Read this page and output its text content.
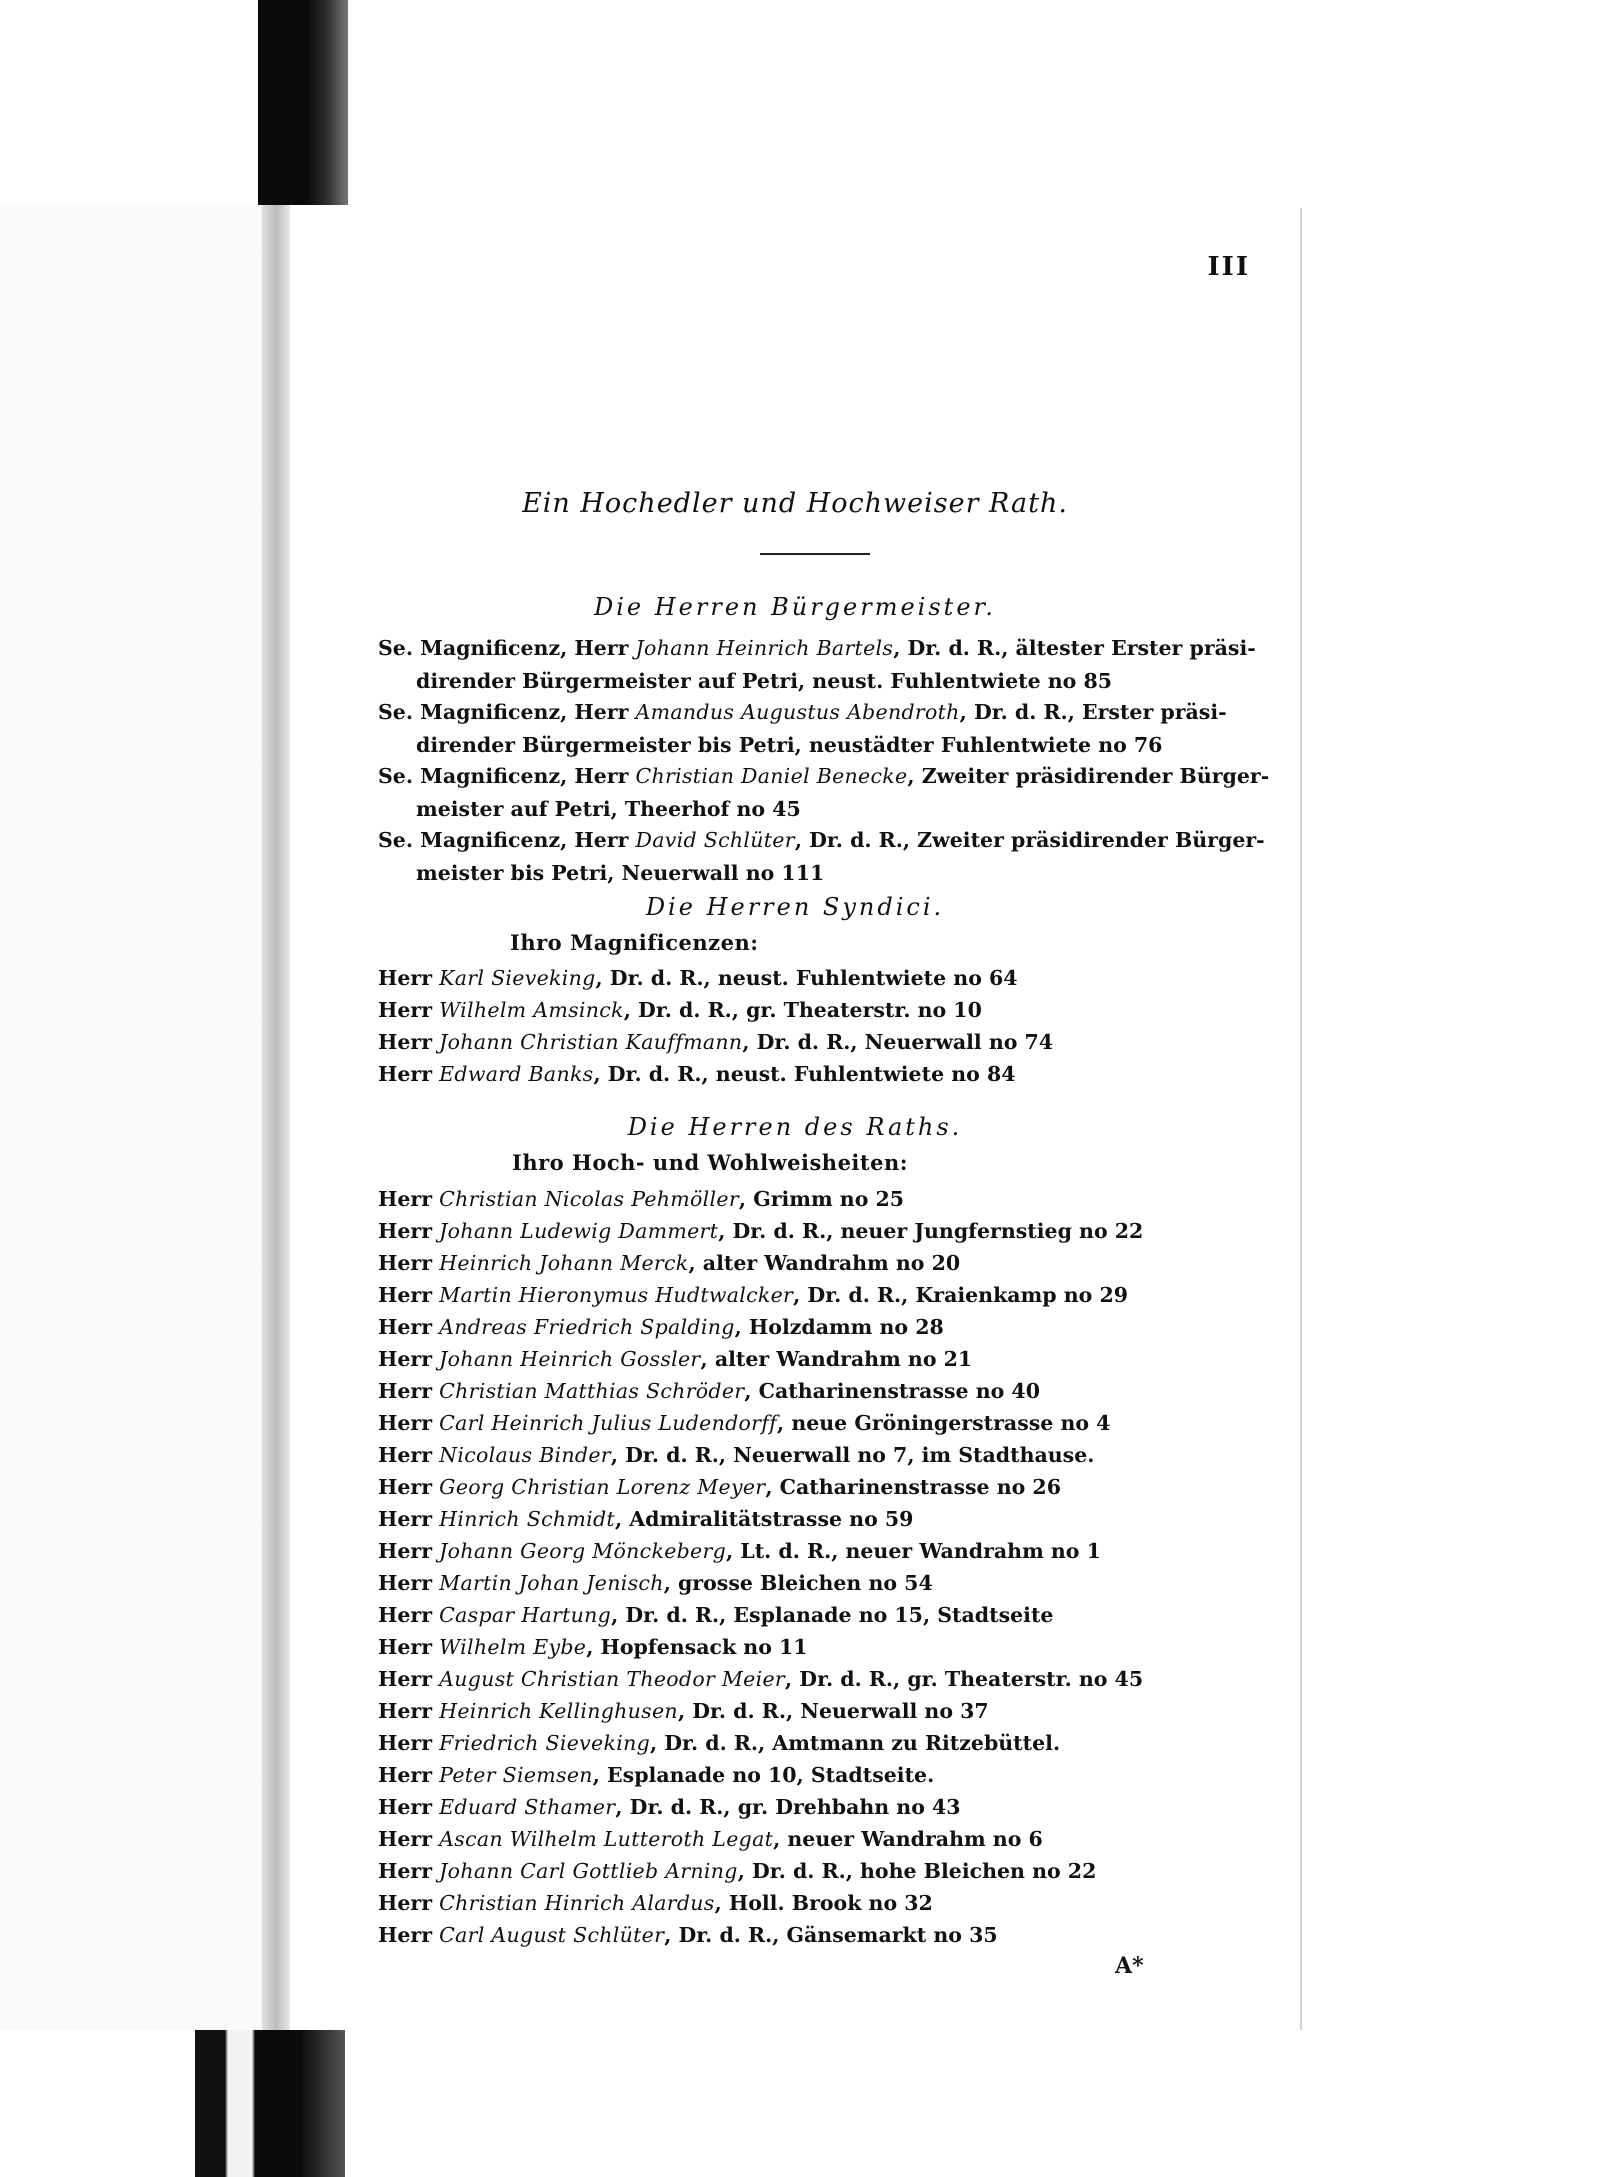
III
Ein Hochedler und Hochweiser Rath.
Die Herren Bürgermeister.
Se. Magnificenz, Herr Johann Heinrich Bartels, Dr. d. R., ältester Erster präsi-
dirender Bürgermeister auf Petri, neust. Fuhlentwiete no 85
Se. Magnificenz, Herr Amandus Augustus Abendroth, Dr. d. R., Erster präsi-
dirender Bürgermeister bis Petri, neustädter Fuhlentwiete no 76
Se. Magnificenz, Herr Christian Daniel Benecke, Zweiter präsidirender Bürger-
meister auf Petri, Theerhof no 45
Se. Magnificenz, Herr David Schlüter, Dr. d. R., Zweiter präsidirender Bürger-
meister bis Petri, Neuerwall no 111
Die Herren Syndici.
Ihro Magnificenzen:
Herr Karl Sieveking, Dr. d. R., neust. Fuhlentwiete no 64
Herr Wilhelm Amsinck, Dr. d. R., gr. Theaterstr. no 10
Herr Johann Christian Kauffmann, Dr. d. R., Neuerwall no 74
Herr Edward Banks, Dr. d. R., neust. Fuhlentwiete no 84
Die Herren des Raths.
Ihro Hoch- und Wohlweisheiten:
Herr Christian Nicolas Pehmöller, Grimm no 25
Herr Johann Ludewig Dammert, Dr. d. R., neuer Jungfernstieg no 22
Herr Heinrich Johann Merck, alter Wandrahm no 20
Herr Martin Hieronymus Hudtwalcker, Dr. d. R., Kraienkamp no 29
Herr Andreas Friedrich Spalding, Holzdamm no 28
Herr Johann Heinrich Gossler, alter Wandrahm no 21
Herr Christian Matthias Schröder, Catharinenstrasse no 40
Herr Carl Heinrich Julius Ludendorff, neue Gröningerstrasse no 4
Herr Nicolaus Binder, Dr. d. R., Neuerwall no 7, im Stadthause.
Herr Georg Christian Lorenz Meyer, Catharinenstrasse no 26
Herr Hinrich Schmidt, Admiralitätstrasse no 59
Herr Johann Georg Mönckeberg, Lt. d. R., neuer Wandrahm no 1
Herr Martin Johan Jenisch, grosse Bleichen no 54
Herr Caspar Hartung, Dr. d. R., Esplanade no 15, Stadtseite
Herr Wilhelm Eybe, Hopfensack no 11
Herr August Christian Theodor Meier, Dr. d. R., gr. Theaterstr. no 45
Herr Heinrich Kellinghusen, Dr. d. R., Neuerwall no 37
Herr Friedrich Sieveking, Dr. d. R., Amtmann zu Ritzebüttel.
Herr Peter Siemsen, Esplanade no 10, Stadtseite.
Herr Eduard Sthamer, Dr. d. R., gr. Drehbahn no 43
Herr Ascan Wilhelm Lutteroth Legat, neuer Wandrahm no 6
Herr Johann Carl Gottlieb Arning, Dr. d. R., hohe Bleichen no 22
Herr Christian Hinrich Alardus, Holl. Brook no 32
Herr Carl August Schlüter, Dr. d. R., Gänsemarkt no 35
A*
